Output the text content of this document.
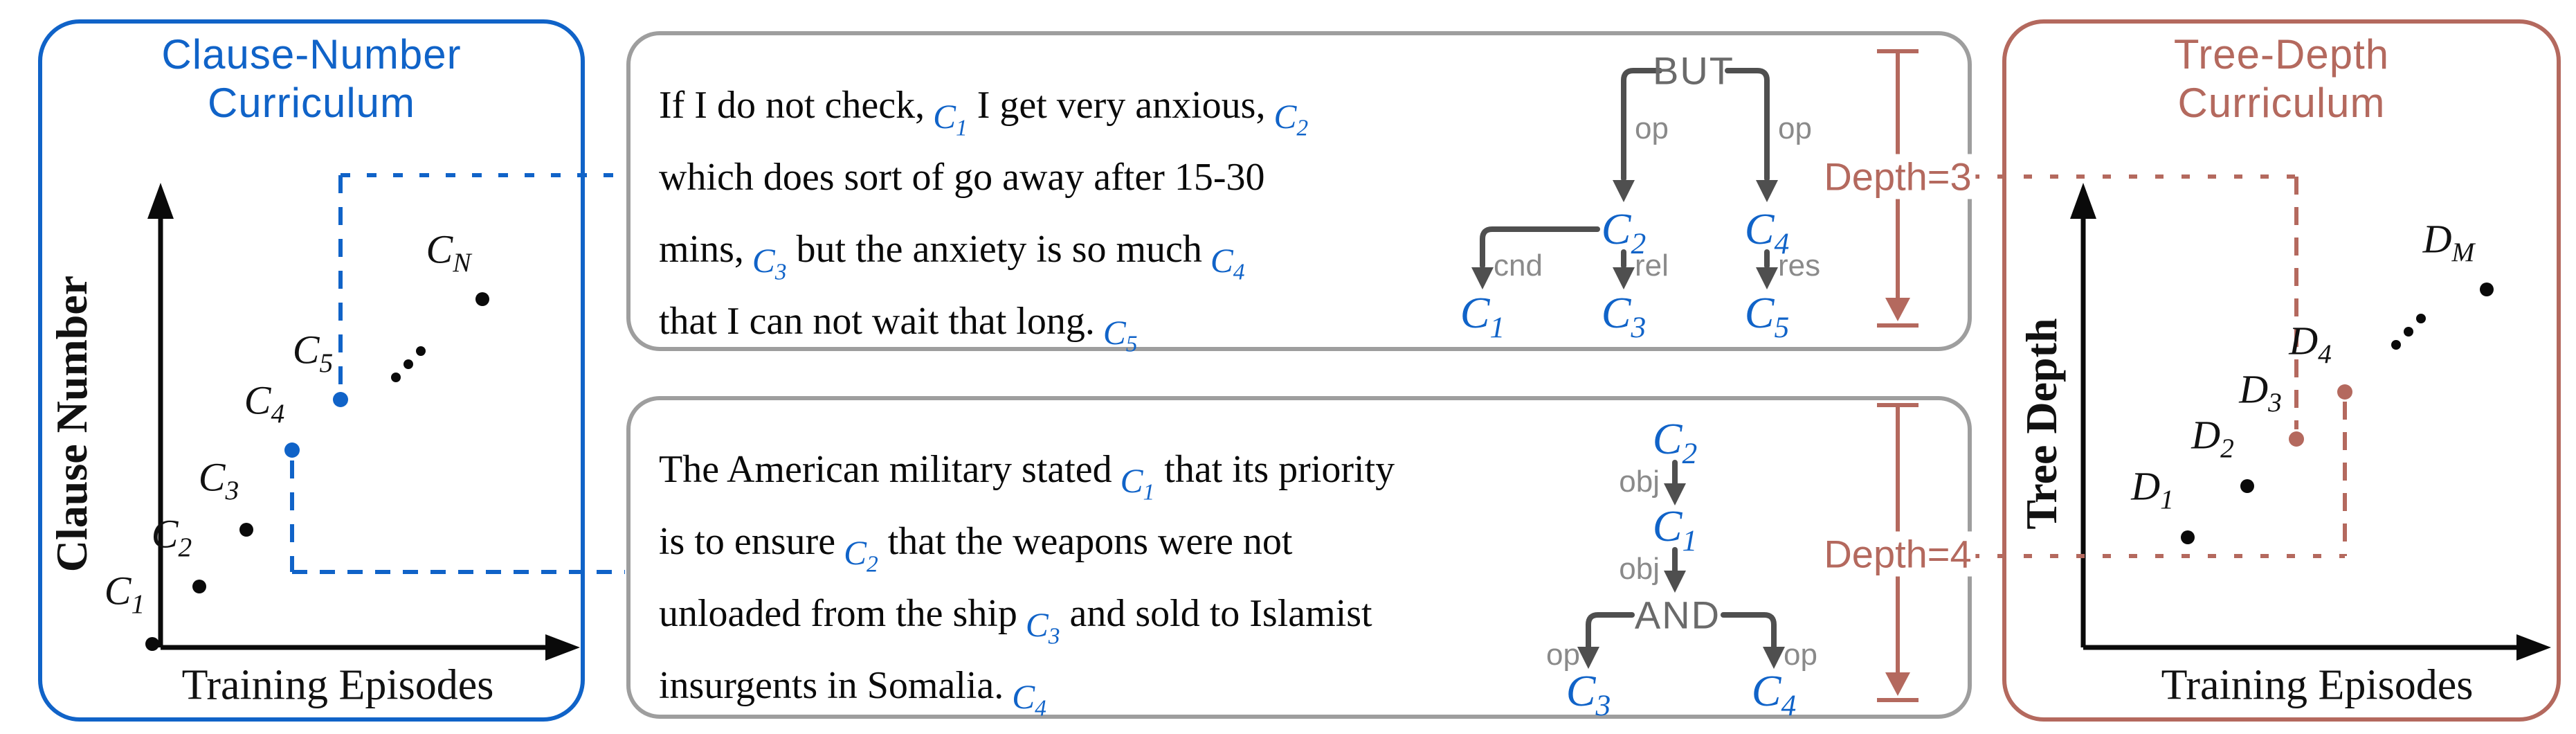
Clause-Number
Curriculum
Tree-Depth
Curriculum
Clause Number
Training Episodes
Tree Depth
Training Episodes
$C_1$
$C_2$
$C_3$
$C_4$
$C_5$
$C_N$
$D_1$
$D_2$
$D_3$
$D_4$
$D_M$
If I do not check, $C_1I$ get very anxious, $C_2$
which does sort of go away after 15-30
mins, $C_3but$ the anxiety is so much $C_4$
that I can not wait that long. $C_5$
The American military stated $C_1that$ its priority
is to ensure $C_2that$ the weapons were not
unloaded from the ship $C_3and$ sold to Islamist
insurgents in Somalia. $C_4$
BUT
$C_2$ $C_4$
$C_1$ $C_3$ $C_5$
op	op
cnd	rel	res
Depth=3
$C_2$
$C_1$
AND
$C_3$	$C_4$
obj
obj
op	op
Depth=4
